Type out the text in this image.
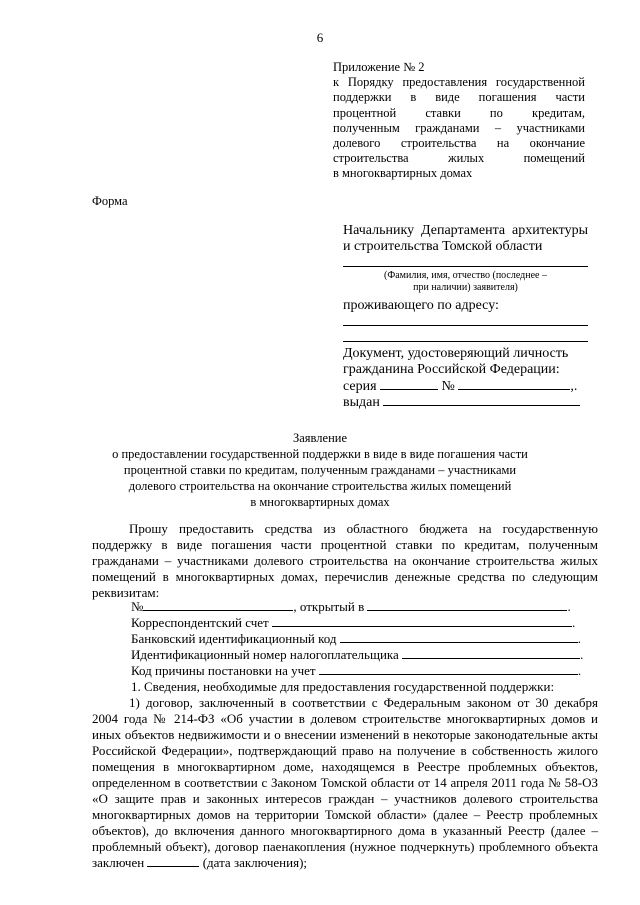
6

Приложение № 2

к Порядку предоставления государственной

поддержки в виде погашения части

процентной ставки по кредитам,

полученным гражданами – участниками

долевого строительства на окончание

строительства жилых помещений

в многоквартирных домах

Форма

Начальнику Департамента архитектуры

и строительства Томской области

(Фамилия, имя, отчество (последнее –
при наличии) заявителя)
проживающего по адресу:

Документ, удостоверяющий личность

гражданина Российской Федерации:

серия	№	,.
выдан
Заявление
о предоставлении государственной поддержки в виде в виде погашения части
процентной ставки по кредитам, полученным гражданами – участниками
долевого строительства на окончание строительства жилых помещений
в многоквартирных домах
Прошу предоставить средства из областного бюджета на государственную поддержку в виде погашения части процентной ставки по кредитам, полученным гражданами – участниками долевого строительства на окончание строительства жилых помещений в многоквартирных домах, перечислив денежные средства по следующим реквизитам:
№	, открытый в	.
Корреспондентский счет	.
Банковский идентификационный код	.
Идентификационный номер налогоплательщика	.
Код причины постановки на учет	.
1. Сведения, необходимые для предоставления государственной поддержки:
1) договор, заключенный в соответствии с Федеральным законом от 30 декабря 2004 года № 214-ФЗ «Об участии в долевом строительстве многоквартирных домов и иных объектов недвижимости и о внесении изменений в некоторые законодательные акты Российской Федерации», подтверждающий право на получение в собственность жилого помещения в многоквартирном доме, находящемся в Реестре проблемных объектов, определенном в соответствии с Законом Томской области от 14 апреля 2011 года № 58-ОЗ «О защите прав и законных интересов граждан – участников долевого строительства многоквартирных домов на территории Томской области» (далее – Реестр проблемных объектов), до включения данного многоквартирного дома в указанный Реестр (далее – проблемный объект), договор паенакопления (нужное подчеркнуть) проблемного объекта заключен	(дата заключения);
